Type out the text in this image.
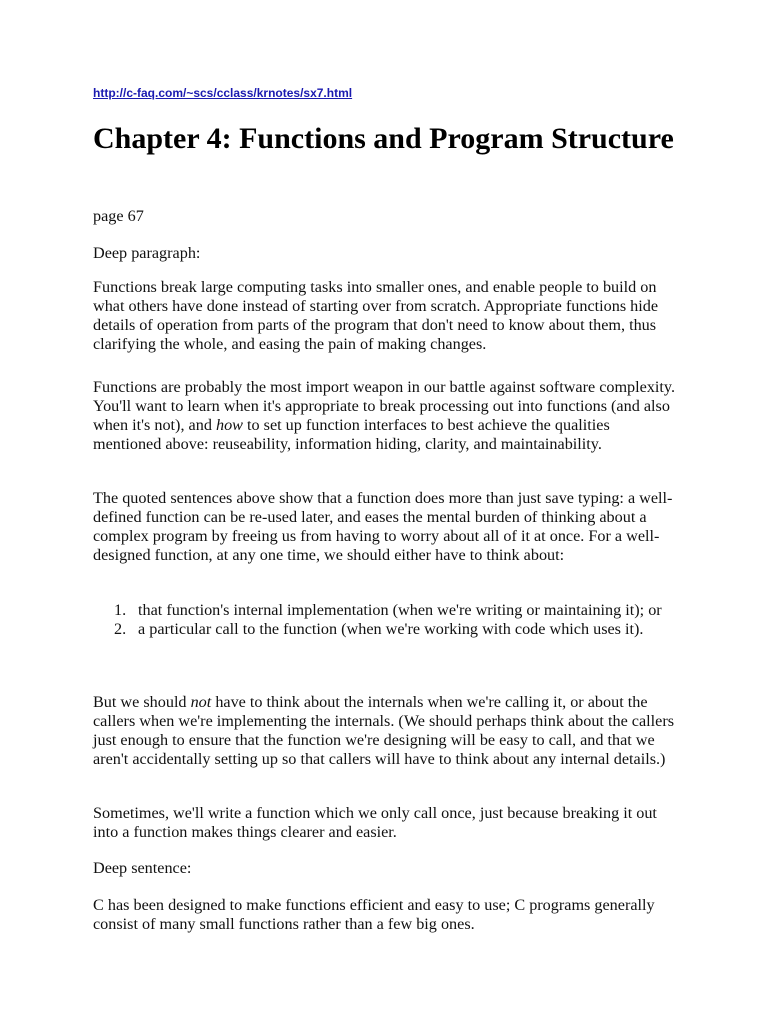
http://c-faq.com/~scs/cclass/krnotes/sx7.html
Chapter 4: Functions and Program Structure

page 67

Deep paragraph:

Functions break large computing tasks into smaller ones, and enable people to build on what others have done instead of starting over from scratch. Appropriate functions hide details of operation from parts of the program that don't need to know about them, thus clarifying the whole, and easing the pain of making changes.

Functions are probably the most import weapon in our battle against software complexity. You'll want to learn when it's appropriate to break processing out into functions (and also when it's not), and how to set up function interfaces to best achieve the qualities mentioned above: reuseability, information hiding, clarity, and maintainability.

The quoted sentences above show that a function does more than just save typing: a well-defined function can be re-used later, and eases the mental burden of thinking about a complex program by freeing us from having to worry about all of it at once. For a well-designed function, at any one time, we should either have to think about:

1. that function's internal implementation (when we're writing or maintaining it); or
2. a particular call to the function (when we're working with code which uses it).

But we should not have to think about the internals when we're calling it, or about the callers when we're implementing the internals. (We should perhaps think about the callers just enough to ensure that the function we're designing will be easy to call, and that we aren't accidentally setting up so that callers will have to think about any internal details.)

Sometimes, we'll write a function which we only call once, just because breaking it out into a function makes things clearer and easier.

Deep sentence:

C has been designed to make functions efficient and easy to use; C programs generally consist of many small functions rather than a few big ones.
